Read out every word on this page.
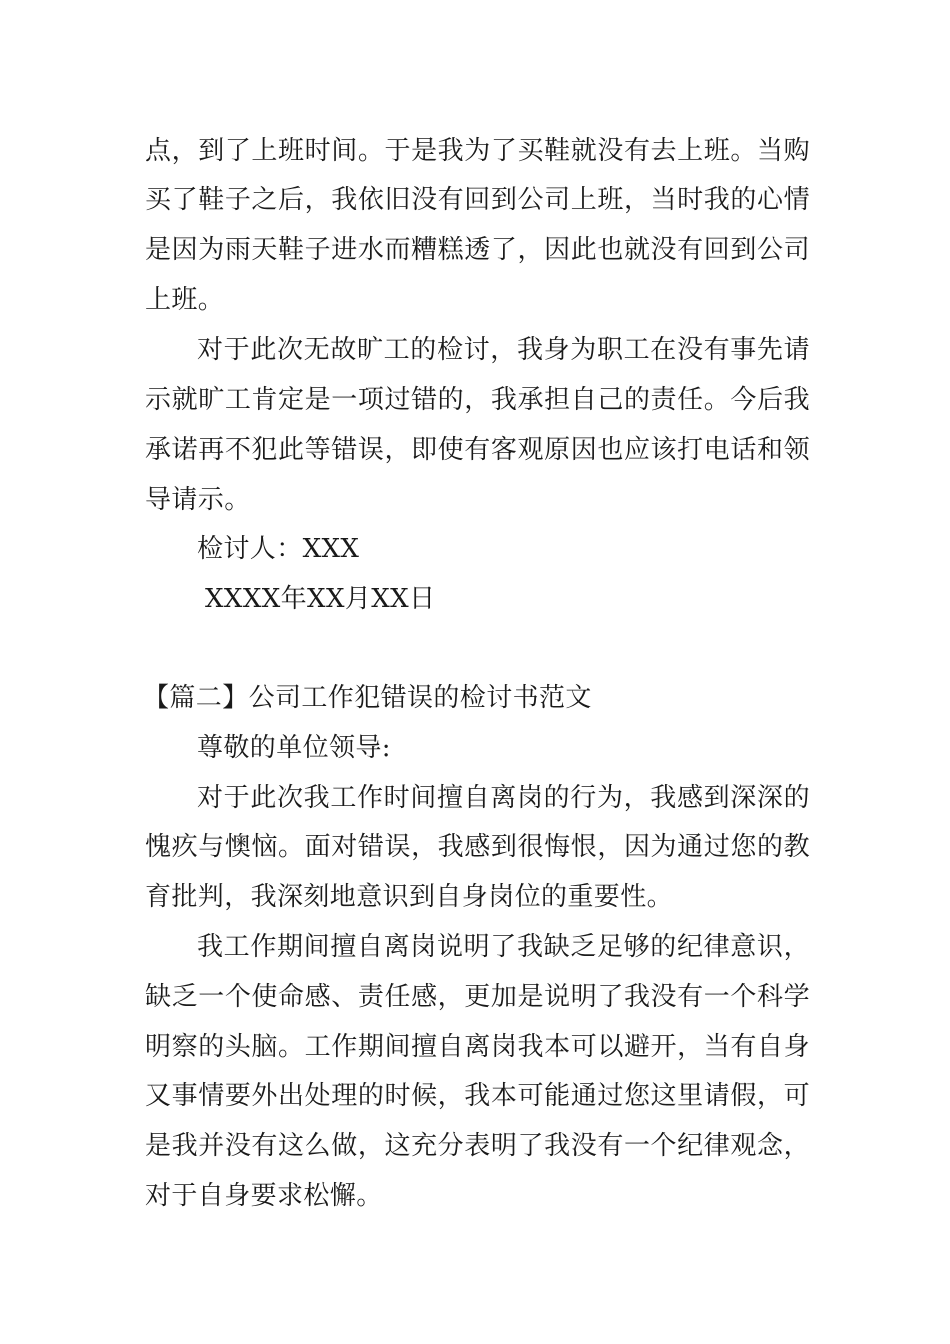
点，到了上班时间。于是我为了买鞋就没有去上班。当购
买了鞋子之后，我依旧没有回到公司上班，当时我的心情
是因为雨天鞋子进水而糟糕透了，因此也就没有回到公司
上班。
对于此次无故旷工的检讨，我身为职工在没有事先请
示就旷工肯定是一项过错的，我承担自己的责任。今后我
承诺再不犯此等错误，即使有客观原因也应该打电话和领
导请示。
检讨人：XXX
XXXX年XX月XX日
【篇二】公司工作犯错误的检讨书范文
尊敬的单位领导:
对于此次我工作时间擅自离岗的行为，我感到深深的
愧疚与懊恼。面对错误，我感到很悔恨，因为通过您的教
育批判，我深刻地意识到自身岗位的重要性。
我工作期间擅自离岗说明了我缺乏足够的纪律意识，
缺乏一个使命感、责任感，更加是说明了我没有一个科学
明察的头脑。工作期间擅自离岗我本可以避开，当有自身
又事情要外出处理的时候，我本可能通过您这里请假，可
是我并没有这么做，这充分表明了我没有一个纪律观念，
对于自身要求松懈。
